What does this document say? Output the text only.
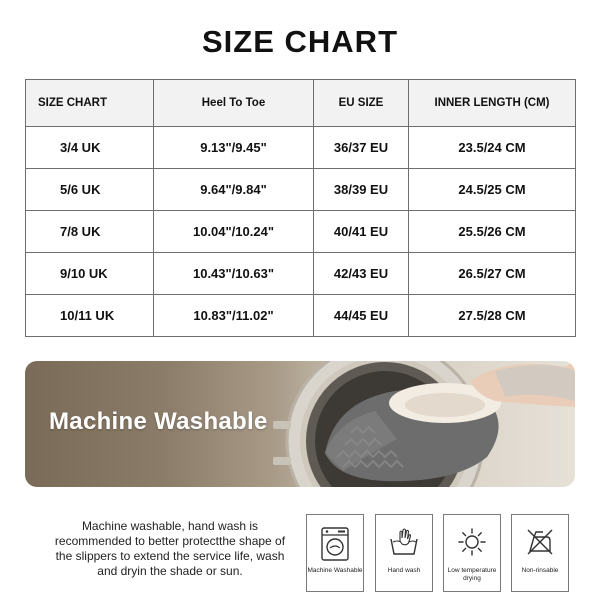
SIZE CHART
SIZE CHART	Heel To Toe	EU SIZE	INNER LENGTH (CM)
3/4 UK	9.13"/9.45"	36/37 EU	23.5/24 CM
5/6 UK	9.64"/9.84"	38/39 EU	24.5/25 CM
7/8 UK	10.04"/10.24"	40/41 EU	25.5/26 CM
9/10 UK	10.43"/10.63"	42/43 EU	26.5/27 CM
10/11 UK	10.83"/11.02"	44/45 EU	27.5/28 CM
Machine Washable
Machine washable, hand wash is recommended to better protectthe shape of the slippers to extend the service life, wash and dryin the shade or sun.	Machine Washable	Hand wash	Low temperature drying
Non-rinsable
